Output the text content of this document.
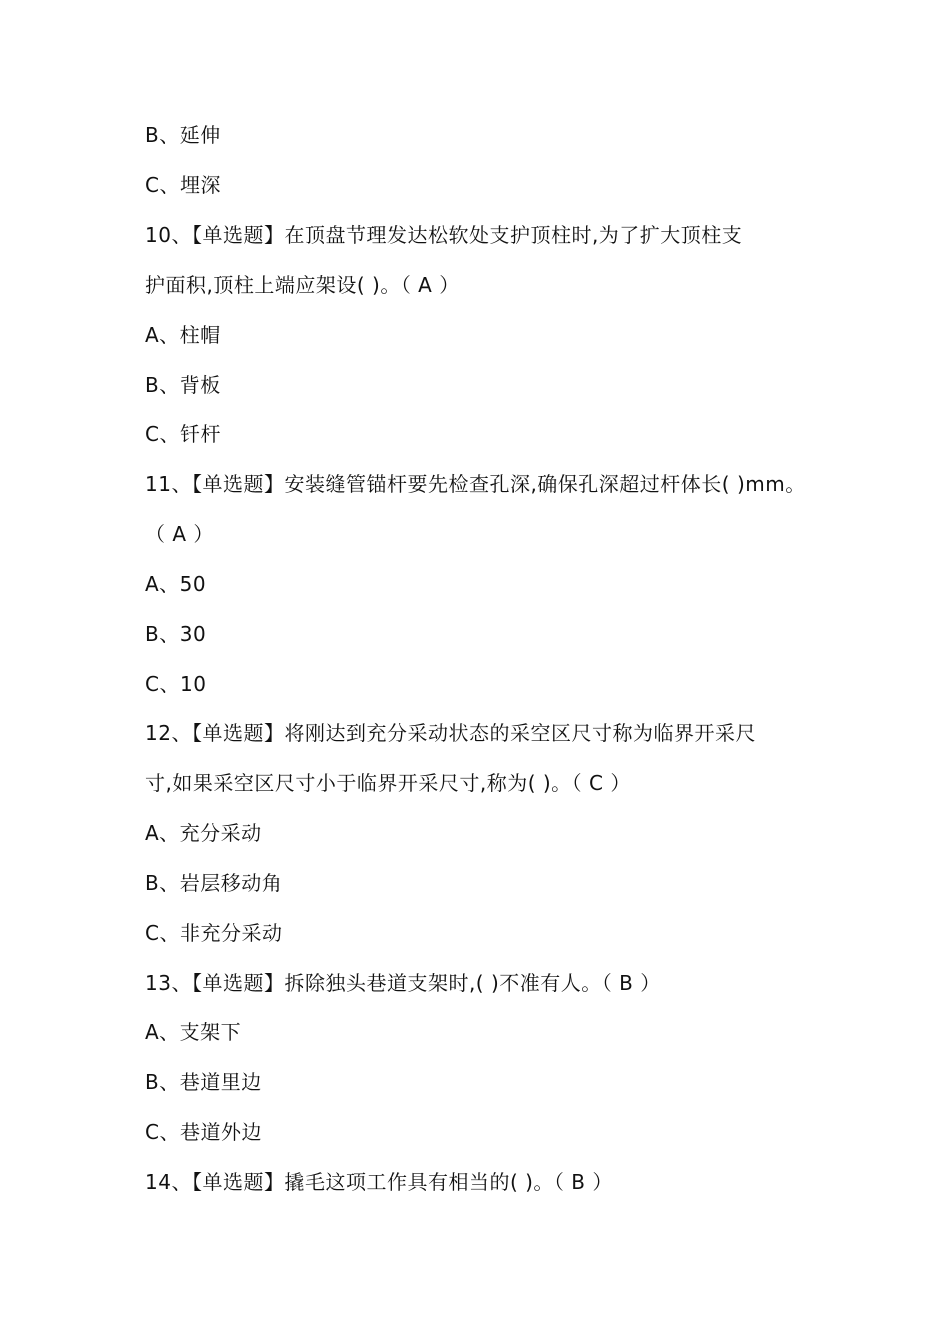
B、延伸
C、埋深
10、【单选题】在顶盘节理发达松软处支护顶柱时,为了扩大顶柱支
护面积,顶柱上端应架设( )。（ A ）
A、柱帽
B、背板
C、钎杆
11、【单选题】安装缝管锚杆要先检查孔深,确保孔深超过杆体长( )mm。
（ A ）
A、50
B、30
C、10
12、【单选题】将刚达到充分采动状态的采空区尺寸称为临界开采尺
寸,如果采空区尺寸小于临界开采尺寸,称为( )。（ C ）
A、充分采动
B、岩层移动角
C、非充分采动
13、【单选题】拆除独头巷道支架时,( )不准有人。（ B ）
A、支架下
B、巷道里边
C、巷道外边
14、【单选题】撬毛这项工作具有相当的( )。（ B ）
